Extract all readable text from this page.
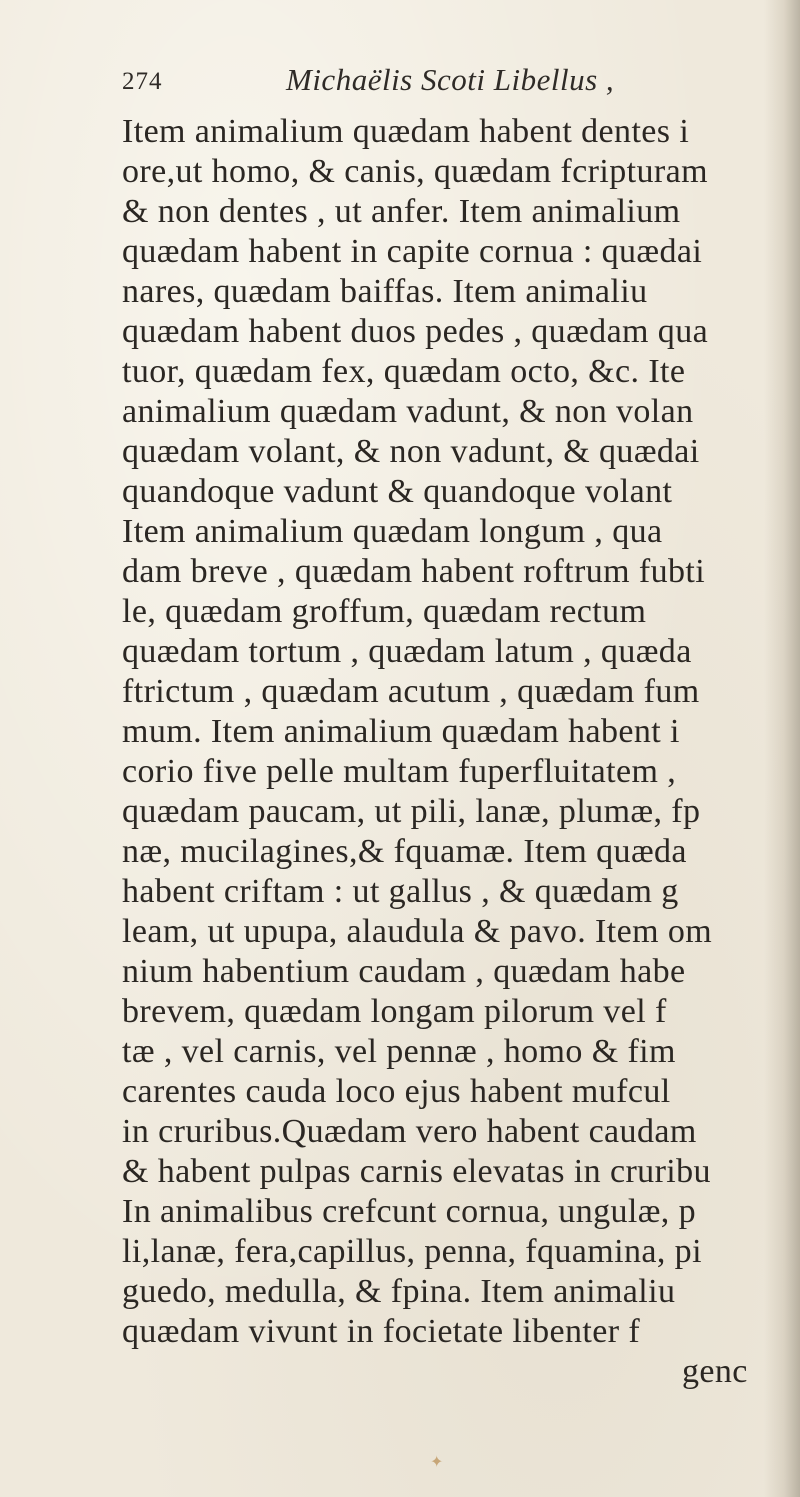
274	Michaëlis Scoti Libellus ,
Item animalium quædam habent dentes i
ore,ut homo, & canis, quædam fcripturam
& non dentes , ut anfer. Item animalium
quædam habent in capite cornua : quædai
nares, quædam baiffas. Item animaliu
quædam habent duos pedes , quædam qua
tuor, quædam fex, quædam octo, &c. Ite
animalium quædam vadunt, & non volan
quædam volant, & non vadunt, & quædai
quandoque vadunt & quandoque volant
Item animalium quædam longum , qua
dam breve , quædam habent roftrum fubti
le, quædam groffum, quædam rectum
quædam tortum , quædam latum , quæda
ftrictum , quædam acutum , quædam fum
mum. Item animalium quædam habent i
corio five pelle multam fuperfluitatem ,
quædam paucam, ut pili, lanæ, plumæ, fp
næ, mucilagines,& fquamæ. Item quæda
habent criftam : ut gallus , & quædam g
leam, ut upupa, alaudula & pavo. Item om
nium habentium caudam , quædam habe
brevem, quædam longam pilorum vel f
tæ , vel carnis, vel pennæ , homo & fim
carentes cauda loco ejus habent mufcul
in cruribus.Quædam vero habent caudam
& habent pulpas carnis elevatas in cruribu
In animalibus crefcunt cornua, ungulæ, p
li,lanæ, fera,capillus, penna, fquamina, pi
guedo, medulla, & fpina. Item animaliu
quædam vivunt in focietate libenter f
genc
✦
